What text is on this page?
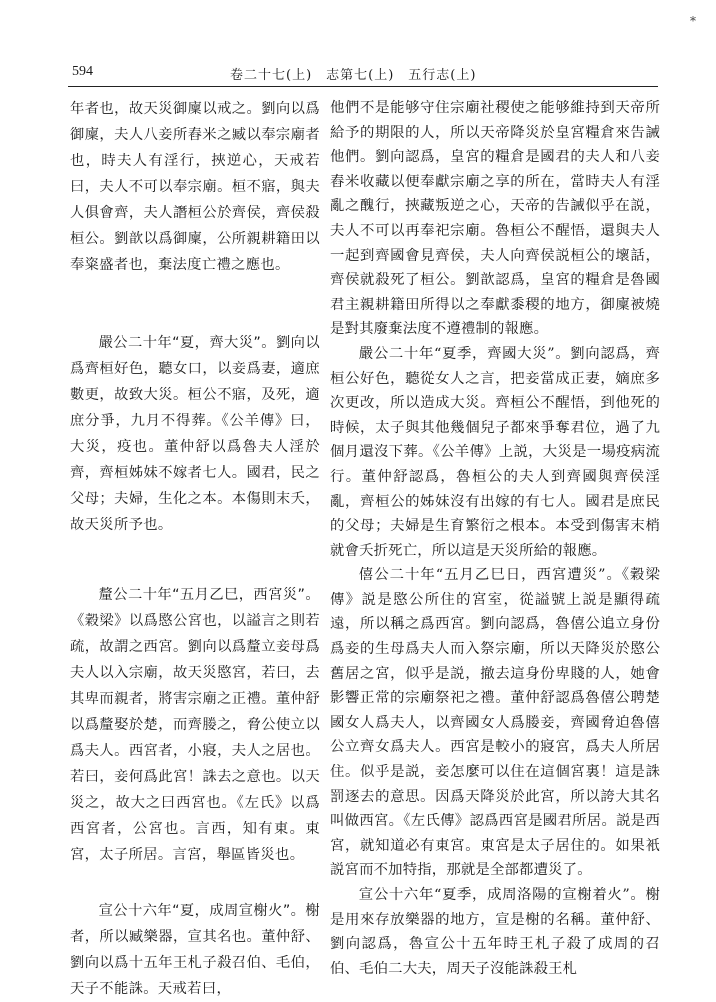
*
594	卷二十七(上)　志第七(上)　五行志(上)

年者也，故天災御廩以戒之。劉向以爲御廩，夫人八妾所舂米之臧以奉宗廟者也，時夫人有淫行，挾逆心，天戒若曰，夫人不可以奉宗廟。桓不寤，與夫人俱會齊，夫人譖桓公於齊侯，齊侯殺桓公。劉歆以爲御廩，公所親耕籍田以奉粢盛者也，棄法度亡禮之應也。

嚴公二十年“夏，齊大災”。劉向以爲齊桓好色，聽女口，以妾爲妻，適庶數更，故致大災。桓公不寤，及死，適庶分爭，九月不得葬。《公羊傳》曰，大災，疫也。董仲舒以爲魯夫人淫於齊，齊桓姊妹不嫁者七人。國君，民之父母；夫婦，生化之本。本傷則末夭，故天災所予也。

釐公二十年“五月乙巳，西宮災”。《穀梁》以爲愍公宮也，以謚言之則若疏，故謂之西宮。劉向以爲釐立妾母爲夫人以入宗廟，故天災愍宮，若曰，去其卑而親者，將害宗廟之正禮。董仲舒以爲釐娶於楚，而齊媵之，脅公使立以爲夫人。西宮者，小寢，夫人之居也。若曰，妾何爲此宮！誅去之意也。以天災之，故大之曰西宮也。《左氏》以爲西宮者，公宮也。言西，知有東。東宮，太子所居。言宮，舉區皆災也。

宣公十六年“夏，成周宣榭火”。榭者，所以臧樂器，宣其名也。董仲舒、劉向以爲十五年王札子殺召伯、毛伯，天子不能誅。天戒若曰，

他們不是能够守住宗廟社稷使之能够維持到天帝所給予的期限的人，所以天帝降災於皇宮糧倉來告誡他們。劉向認爲，皇宮的糧倉是國君的夫人和八妾舂米收藏以便奉獻宗廟之享的所在，當時夫人有淫亂之醜行，挾藏叛逆之心，天帝的告誡似乎在説，夫人不可以再奉祀宗廟。魯桓公不醒悟，還與夫人一起到齊國會見齊侯，夫人向齊侯説桓公的壞話，齊侯就殺死了桓公。劉歆認爲，皇宮的糧倉是魯國君主親耕籍田所得以之奉獻黍稷的地方，御廩被燒是對其廢棄法度不遵禮制的報應。

嚴公二十年“夏季，齊國大災”。劉向認爲，齊桓公好色，聽從女人之言，把妾當成正妻，嫡庶多次更改，所以造成大災。齊桓公不醒悟，到他死的時候，太子與其他幾個兒子都來爭奪君位，過了九個月還沒下葬。《公羊傳》上説，大災是一場疫病流行。董仲舒認爲，魯桓公的夫人到齊國與齊侯淫亂，齊桓公的姊妹沒有出嫁的有七人。國君是庶民的父母；夫婦是生育繁衍之根本。本受到傷害末梢就會夭折死亡，所以這是天災所給的報應。

僖公二十年“五月乙巳日，西宮遭災”。《穀梁傳》説是愍公所住的宮室，從謚號上説是顯得疏遠，所以稱之爲西宮。劉向認爲，魯僖公追立身份爲妾的生母爲夫人而入祭宗廟，所以天降災於愍公舊居之宮，似乎是説，撤去這身份卑賤的人，她會影響正常的宗廟祭祀之禮。董仲舒認爲魯僖公聘楚國女人爲夫人，以齊國女人爲媵妾，齊國脅迫魯僖公立齊女爲夫人。西宮是較小的寢宮，爲夫人所居住。似乎是説，妾怎麼可以住在這個宮裏！這是誅罰逐去的意思。因爲天降災於此宮，所以誇大其名叫做西宮。《左氏傳》認爲西宮是國君所居。説是西宮，就知道必有東宮。東宮是太子居住的。如果衹説宮而不加特指，那就是全部都遭災了。

宣公十六年“夏季，成周洛陽的宣榭着火”。榭是用來存放樂器的地方，宣是榭的名稱。董仲舒、劉向認爲，魯宣公十五年時王札子殺了成周的召伯、毛伯二大夫，周天子沒能誅殺王札
